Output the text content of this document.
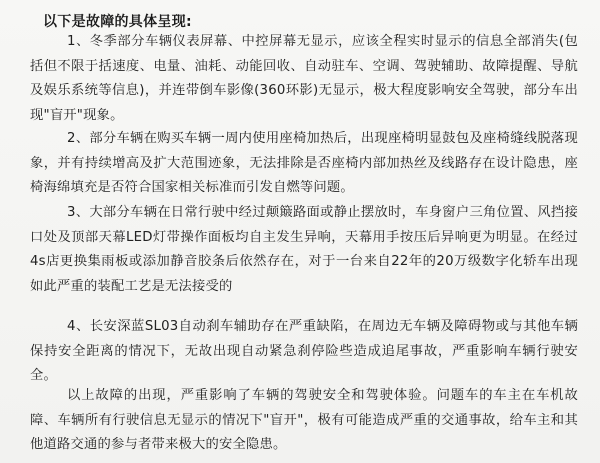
以下是故障的具体呈现:

1、冬季部分车辆仪表屏幕、中控屏幕无显示，应该全程实时显示的信息全部消失(包括但不限于括速度、电量、油耗、动能回收、自动驻车、空调、驾驶辅助、故障提醒、导航及娱乐系统等信息)，并连带倒车影像(360环影)无显示，极大程度影响安全驾驶，部分车出现"盲开"现象。

2、部分车辆在购买车辆一周内使用座椅加热后，出现座椅明显鼓包及座椅缝线脱落现象，并有持续增高及扩大范围迹象，无法排除是否座椅内部加热丝及线路存在设计隐患，座椅海绵填充是否符合国家相关标准而引发自燃等问题。

3、大部分车辆在日常行驶中经过颠簸路面或静止摆放时，车身窗户三角位置、风挡接口处及顶部天幕LED灯带操作面板均自主发生异响，天幕用手按压后异响更为明显。在经过4s店更换集雨板或添加静音胶条后依然存在，对于一台来自22年的20万级数字化轿车出现如此严重的装配工艺是无法接受的

4、长安深蓝SL03自动刹车辅助存在严重缺陷，在周边无车辆及障碍物或与其他车辆保持安全距离的情况下，无故出现自动紧急刹停险些造成追尾事故，严重影响车辆行驶安全。

以上故障的出现，严重影响了车辆的驾驶安全和驾驶体验。问题车的车主在车机故障、车辆所有行驶信息无显示的情况下"盲开"，极有可能造成严重的交通事故，给车主和其他道路交通的参与者带来极大的安全隐患。
